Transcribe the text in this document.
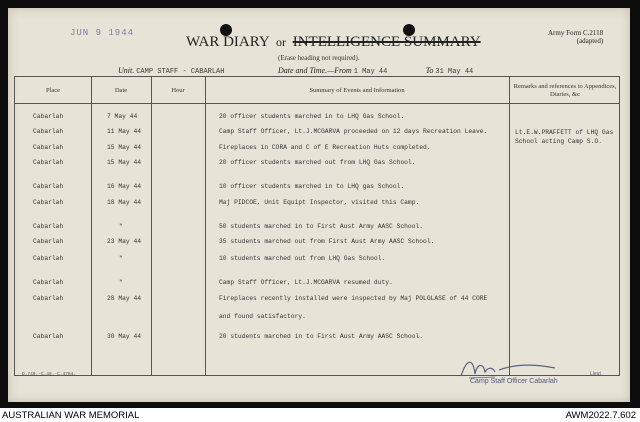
JUN 9 1944
WAR DIARY or INTELLIGENCE SUMMARY
(Erase heading not required).
Army Form C.2118
(adapted)
Unit. CAMP STAFF - CABARLAH	Date and Time.—From 1 May 44	To 31 May 44
Place	Date	Hour	Summary of Events and Information
Remarks and references to Appendices, Diaries, &c
Cabarlah	7 May 44	20 officer students marched in to LHQ Gas School.
Cabarlah	11 May 44	Camp Staff Officer, Lt.J.MCGARVA proceeded on 12 days Recreation Leave.	Lt.E.W.PRAFFETT of LHQ Gas School acting Camp S.O.
Cabarlah	15 May 44	Fireplaces in CORA and C of E Recreation Huts completed.
Cabarlah	15 May 44	20 officer students marched out from LHQ Gas School.
Cabarlah	16 May 44	10 officer students marched in to LHQ gas School.
Cabarlah	18 May 44	Maj PIDCOE, Unit Equipt Inspector, visited this Camp.
Cabarlah	"	50 students marched in to First Aust Army AASC School.
Cabarlah	23 May 44	35 students marched out from First Aust Army AASC School.
Cabarlah	"	10 students marched out from LHQ Gas School.
Cabarlah	"	Camp Staff Officer, Lt.J.MCGARVA resumed duty.
Cabarlah	28 May 44	Fireplaces recently installed were inspected by Maj POLGLASE of 44 CORE
and found satisfactory.
Cabarlah	30 May 44	20 students marched in to First Aust Army AASC School.
D.740.-C.48.-C.4784.	Lieut
Camp Staff Officer Cabarlah
AUSTRALIAN WAR MEMORIAL	AWM2022.7.602
